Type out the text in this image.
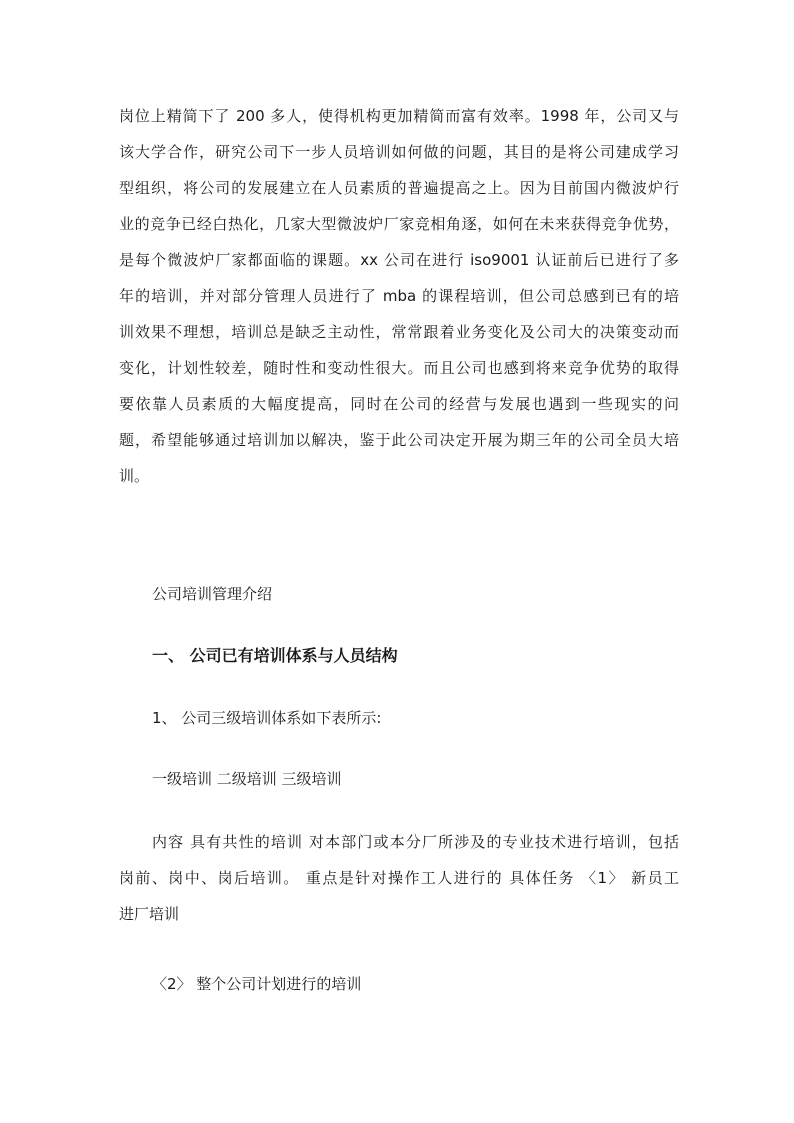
岗位上精简下了 200 多人，使得机构更加精简而富有效率。1998 年，公司又与
该大学合作，研究公司下一步人员培训如何做的问题，其目的是将公司建成学习
型组织，将公司的发展建立在人员素质的普遍提高之上。因为目前国内微波炉行
业的竞争已经白热化，几家大型微波炉厂家竞相角逐，如何在未来获得竞争优势，
是每个微波炉厂家都面临的课题。xx 公司在进行 iso9001 认证前后已进行了多
年的培训，并对部分管理人员进行了 mba 的课程培训，但公司总感到已有的培
训效果不理想，培训总是缺乏主动性，常常跟着业务变化及公司大的决策变动而
变化，计划性较差，随时性和变动性很大。而且公司也感到将来竞争优势的取得
要依靠人员素质的大幅度提高，同时在公司的经营与发展也遇到一些现实的问
题，希望能够通过培训加以解决，鉴于此公司决定开展为期三年的公司全员大培
训。
公司培训管理介绍
一、 公司已有培训体系与人员结构
1、 公司三级培训体系如下表所示:
一级培训 二级培训 三级培训
内容 具有共性的培训 对本部门或本分厂所涉及的专业技术进行培训，包括
岗前、岗中、岗后培训。 重点是针对操作工人进行的 具体任务 〈1〉 新员工
进厂培训
〈2〉 整个公司计划进行的培训
